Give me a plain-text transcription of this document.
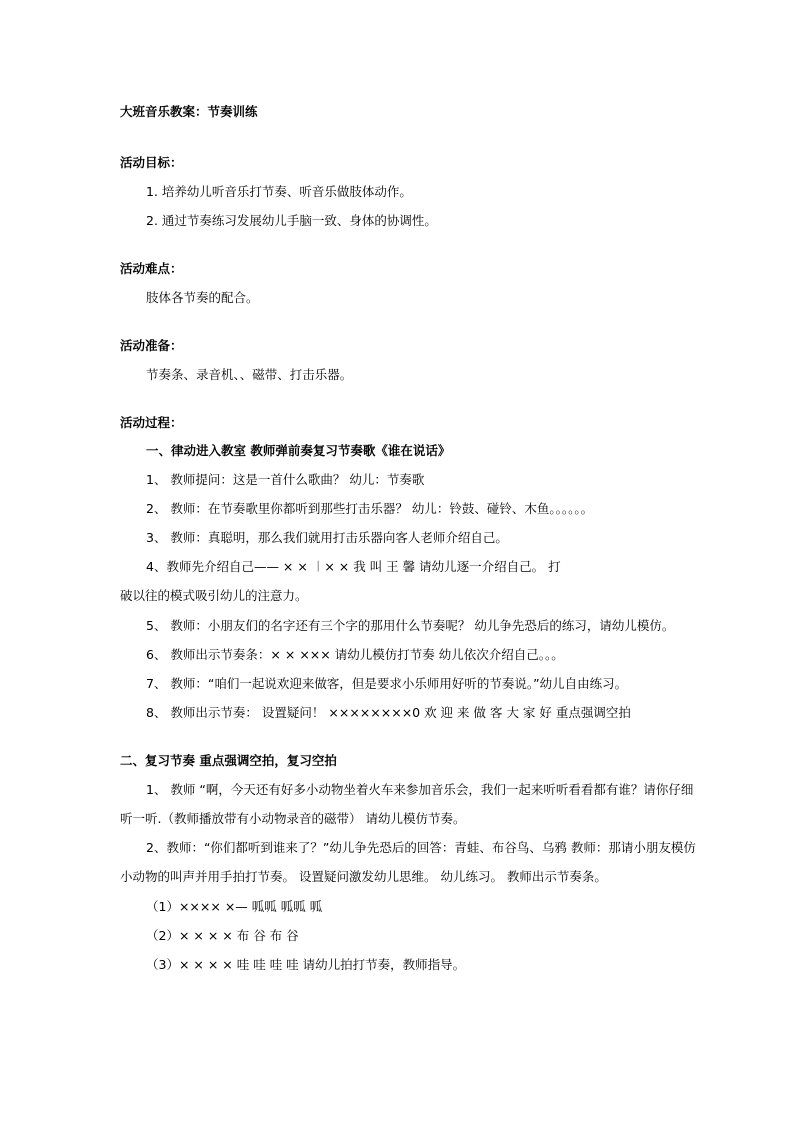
大班音乐教案：节奏训练
活动目标：
1. 培养幼儿听音乐打节奏、听音乐做肢体动作。
2. 通过节奏练习发展幼儿手脑一致、身体的协调性。
活动难点：
肢体各节奏的配合。
活动准备：
节奏条、录音机、、磁带、打击乐器。
活动过程：
一、律动进入教室 教师弹前奏复习节奏歌《谁在说话》
1、 教师提问：这是一首什么歌曲？ 幼儿：节奏歌
2、 教师：在节奏歌里你都听到那些打击乐器？ 幼儿：铃鼓、碰铃、木鱼。。。。。。
3、 教师：真聪明，那么我们就用打击乐器向客人老师介绍自己。
4、教师先介绍自己—— × × ︱× × 我 叫 王 馨 请幼儿逐一介绍自己。 打
破以往的模式吸引幼儿的注意力。
5、 教师：小朋友们的名字还有三个字的那用什么节奏呢？ 幼儿争先恐后的练习，请幼儿模仿。
6、 教师出示节奏条：× × ××× 请幼儿模仿打节奏 幼儿依次介绍自己。。。
7、 教师：“咱们一起说欢迎来做客，但是要求小乐师用好听的节奏说。”幼儿自由练习。
8、 教师出示节奏： 设置疑问！ ××××××××0 欢 迎 来 做 客 大 家 好 重点强调空拍
二、复习节奏 重点强调空拍，复习空拍
1、 教师 “啊，今天还有好多小动物坐着火车来参加音乐会，我们一起来听听看看都有谁？请你仔细
听一听.（教师播放带有小动物录音的磁带） 请幼儿模仿节奏。
2、教师：“你们都听到谁来了？”幼儿争先恐后的回答：青蛙、布谷鸟、乌鸦 教师：那请小朋友模仿
小动物的叫声并用手拍打节奏。 设置疑问激发幼儿思维。 幼儿练习。 教师出示节奏条。
（1）×××× ×— 呱呱 呱呱 呱
（2）× × × × 布 谷 布 谷
（3）× × × × 哇 哇 哇 哇 请幼儿拍打节奏，教师指导。
